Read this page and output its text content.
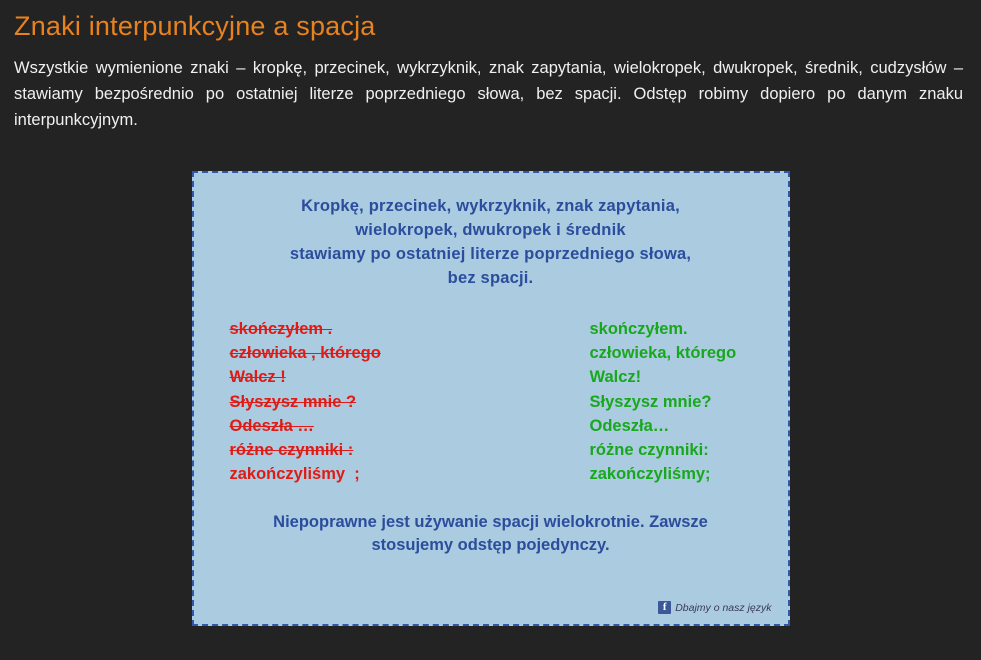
Znaki interpunkcyjne a spacja

Wszystkie wymienione znaki – kropkę, przecinek, wykrzyknik, znak zapytania, wielokropek, dwukropek, średnik, cudzysłów – stawiamy bezpośrednio po ostatniej literze poprzedniego słowa, bez spacji. Odstęp robimy dopiero po danym znaku interpunkcyjnym.

Kropkę, przecinek, wykrzyknik, znak zapytania,
wielokropek, dwukropek i średnik
stawiamy po ostatniej literze poprzedniego słowa,
bez spacji.
skończyłem .
człowieka , którego
Walcz !
Słyszysz mnie ?
Odeszła …
różne czynniki :
zakończyliśmy  ;
skończyłem.
człowieka, którego
Walcz!
Słyszysz mnie?
Odeszła…
różne czynniki:
zakończyliśmy;
Niepoprawne jest używanie spacji wielokrotnie. Zawsze
stosujemy odstęp pojedynczy.
f Dbajmy o nasz język
